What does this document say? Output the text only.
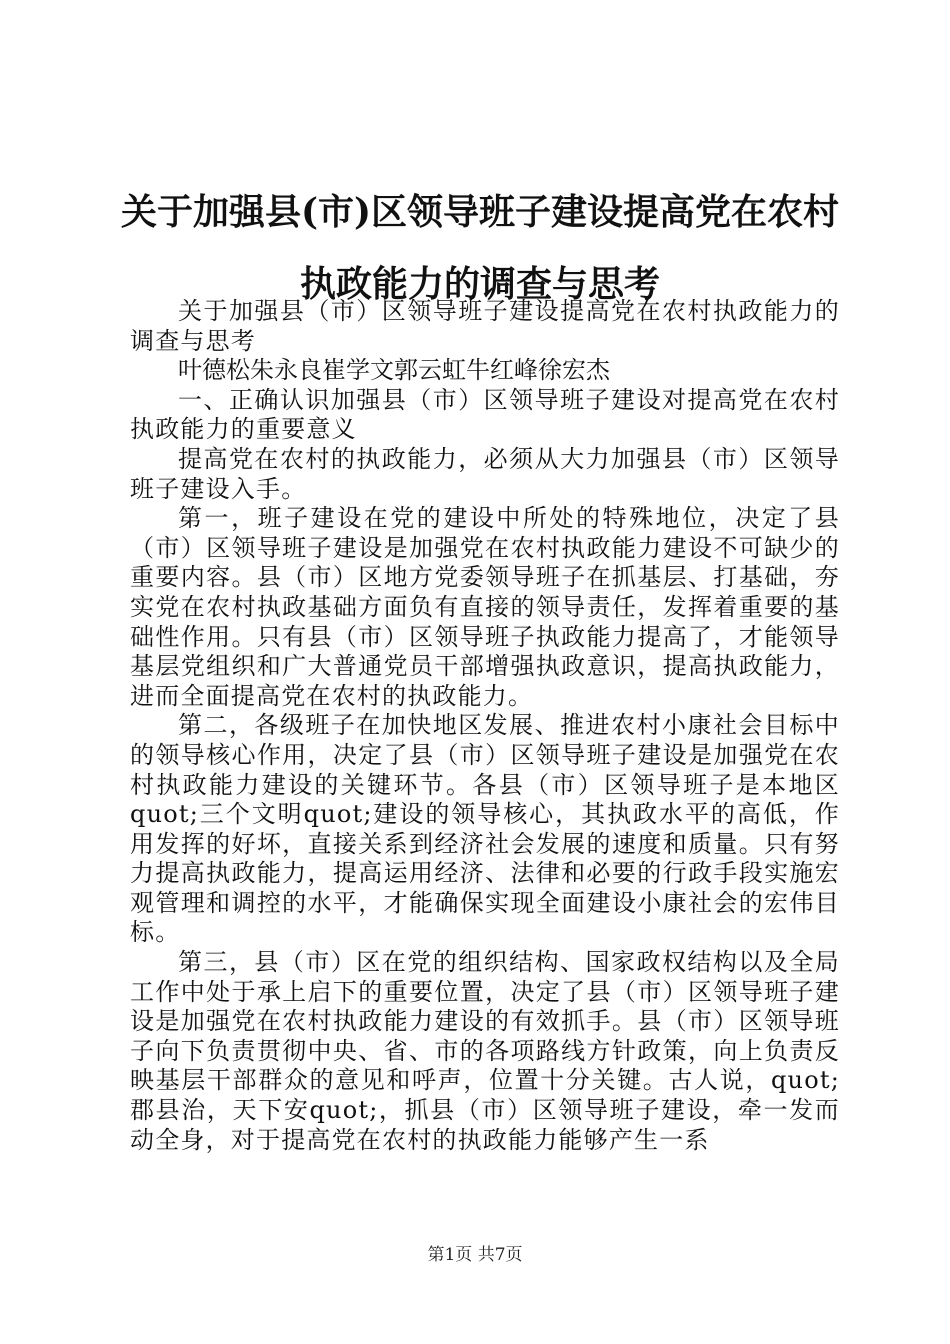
关于加强县(市)区领导班子建设提高党在农村
执政能力的调查与思考

关于加强县（市）区领导班子建设提高党在农村执政能力的调查与思考

叶德松朱永良崔学文郭云虹牛红峰徐宏杰

一、正确认识加强县（市）区领导班子建设对提高党在农村执政能力的重要意义

提高党在农村的执政能力，必须从大力加强县（市）区领导班子建设入手。

第一，班子建设在党的建设中所处的特殊地位，决定了县（市）区领导班子建设是加强党在农村执政能力建设不可缺少的重要内容。县（市）区地方党委领导班子在抓基层、打基础，夯实党在农村执政基础方面负有直接的领导责任，发挥着重要的基础性作用。只有县（市）区领导班子执政能力提高了，才能领导基层党组织和广大普通党员干部增强执政意识，提高执政能力，进而全面提高党在农村的执政能力。

第二，各级班子在加快地区发展、推进农村小康社会目标中的领导核心作用，决定了县（市）区领导班子建设是加强党在农村执政能力建设的关键环节。各县（市）区领导班子是本地区quot;三个文明quot;建设的领导核心，其执政水平的高低，作用发挥的好坏，直接关系到经济社会发展的速度和质量。只有努力提高执政能力，提高运用经济、法律和必要的行政手段实施宏观管理和调控的水平，才能确保实现全面建设小康社会的宏伟目标。

第三，县（市）区在党的组织结构、国家政权结构以及全局工作中处于承上启下的重要位置，决定了县（市）区领导班子建设是加强党在农村执政能力建设的有效抓手。县（市）区领导班子向下负责贯彻中央、省、市的各项路线方针政策，向上负责反映基层干部群众的意见和呼声，位置十分关键。古人说，quot;郡县治，天下安quot;，抓县（市）区领导班子建设，牵一发而动全身，对于提高党在农村的执政能力能够产生一系

第1页 共7页
